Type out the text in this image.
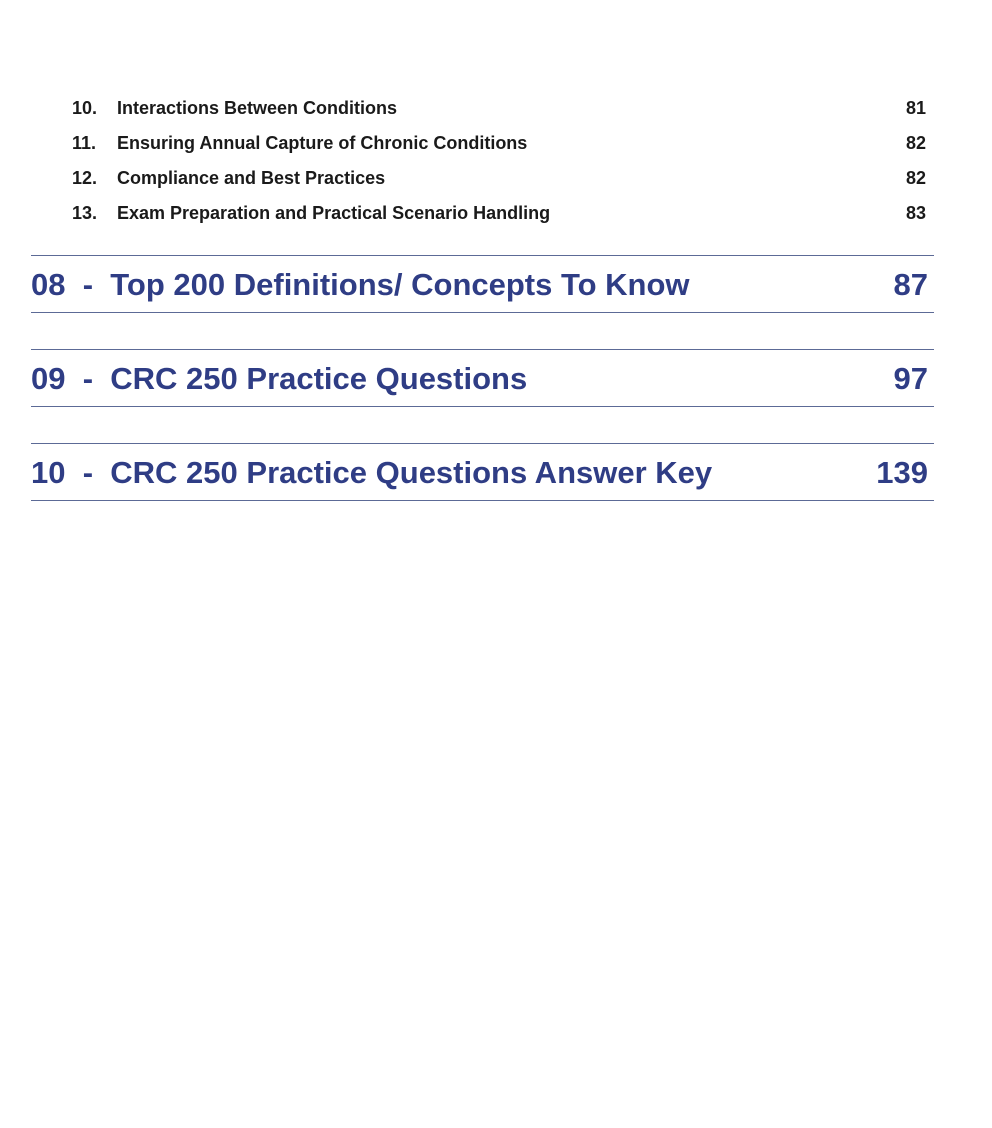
10. Interactions Between Conditions	81
11. Ensuring Annual Capture of Chronic Conditions	82
12. Compliance and Best Practices	82
13. Exam Preparation and Practical Scenario Handling	83
08 - Top 200 Definitions/ Concepts To Know	87
09 - CRC 250 Practice Questions	97
10 - CRC 250 Practice Questions Answer Key	139
